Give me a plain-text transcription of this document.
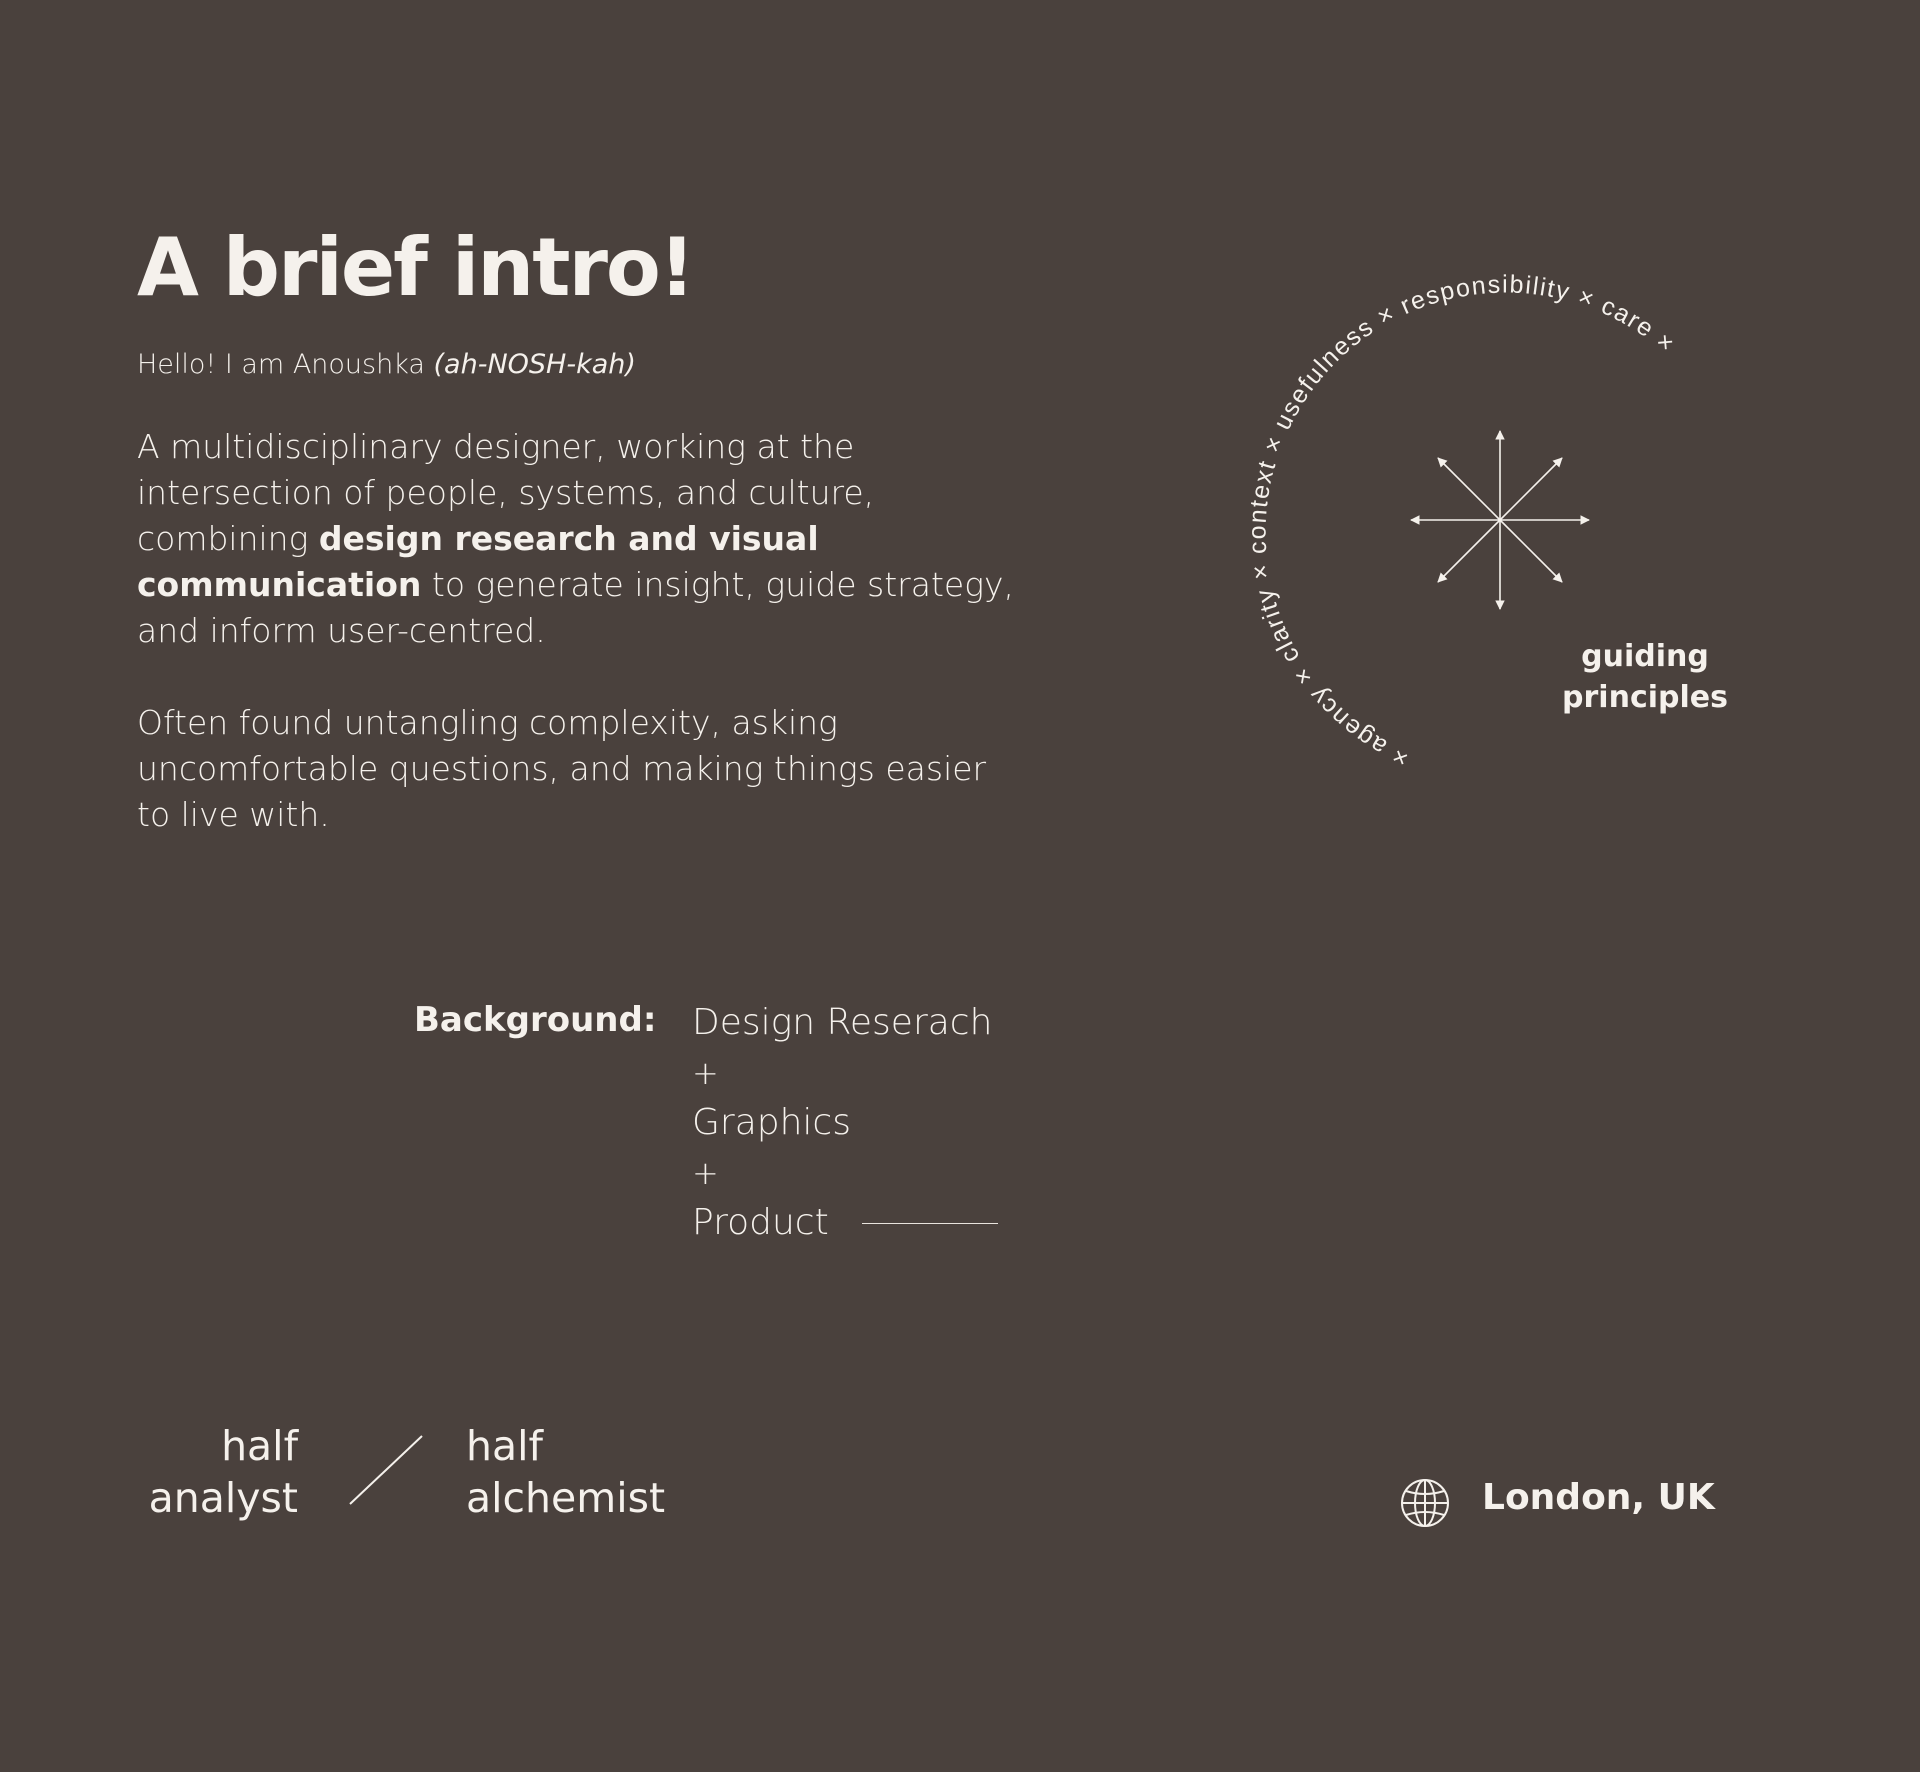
A brief intro!
Hello! I am Anoushka (ah-NOSH-kah)

A multidisciplinary designer, working at the intersection of people, systems, and culture, combining design research and visual communication to generate insight, guide strategy, and inform user-centred.

Often found untangling complexity, asking uncomfortable questions, and making things easier to live with.

Background: Design Reserach
+
Graphics
+
Product
half
analyst
half
alchemist	London, UK
× agency × clarity × context × usefulness × responsibility × care ×
guiding
principles
